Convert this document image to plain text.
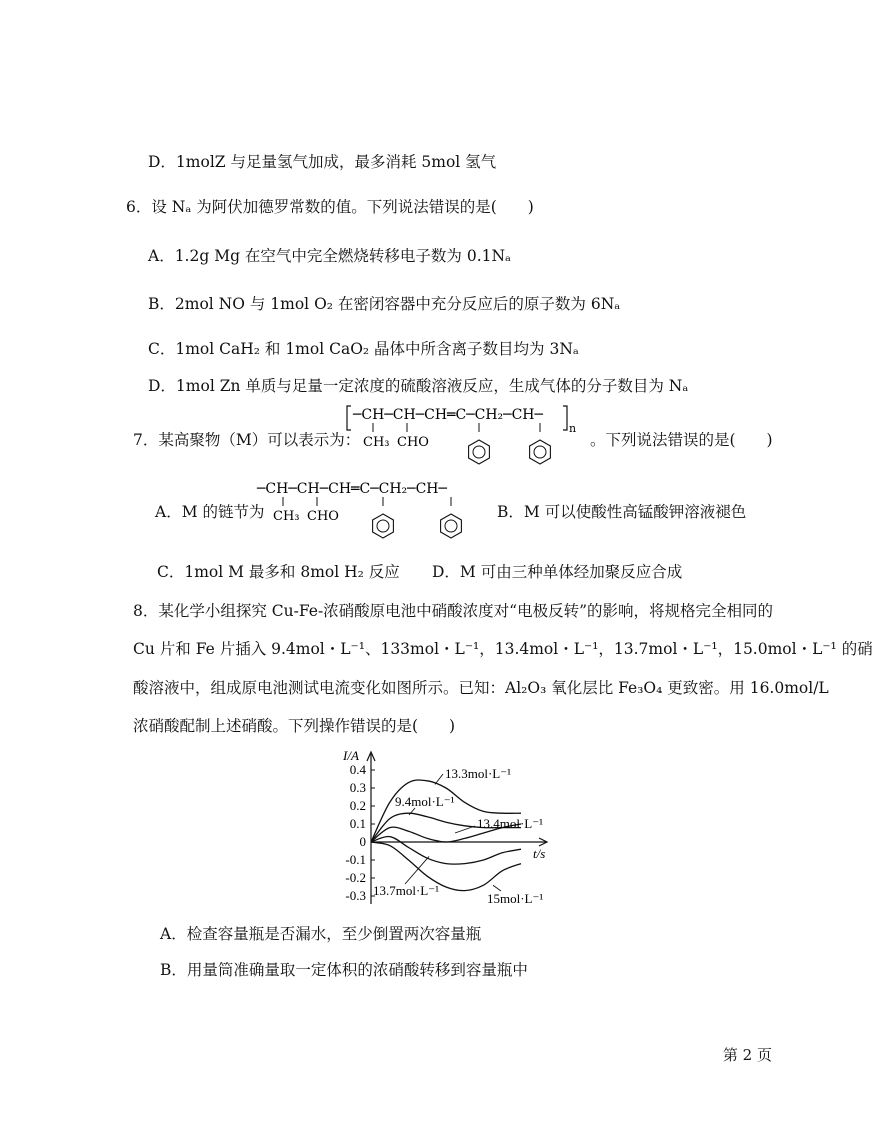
D．1molZ 与足量氢气加成，最多消耗 5mol 氢气
6．设 Nₐ 为阿伏加德罗常数的值。下列说法错误的是(　　)
A．1.2g Mg 在空气中完全燃烧转移电子数为 0.1Nₐ
B．2mol NO 与 1mol O₂ 在密闭容器中充分反应后的原子数为 6Nₐ
C．1mol CaH₂ 和 1mol CaO₂ 晶体中所含离子数目均为 3Nₐ
D．1mol Zn 单质与足量一定浓度的硫酸溶液反应，生成气体的分子数目为 Nₐ
7．某高聚物（M）可以表示为：
─CH─CH─CH═C─CH₂─CH─
n
CH₃ CHO	。下列说法错误的是(　　)
A．M 的链节为
─CH─CH─CH═C─CH₂─CH─
CH₃ CHO	B．M 可以使酸性高锰酸钾溶液褪色
C．1mol M 最多和 8mol H₂ 反应 D．M 可由三种单体经加聚反应合成
8．某化学小组探究 Cu-Fe-浓硝酸原电池中硝酸浓度对“电极反转”的影响，将规格完全相同的
Cu 片和 Fe 片插入 9.4mol・L⁻¹、133mol・L⁻¹，13.4mol・L⁻¹，13.7mol・L⁻¹，15.0mol・L⁻¹ 的硝
酸溶液中，组成原电池测试电流变化如图所示。已知：Al₂O₃ 氧化层比 Fe₃O₄ 更致密。用 16.0mol/L
浓硝酸配制上述硝酸。下列操作错误的是(　　)
I/A
t/s
0.4
0.3
0.2
0.1
0
-0.1
-0.2
-0.3
13.3mol·L⁻¹
9.4mol·L⁻¹
13.4mol·L⁻¹
13.7mol·L⁻¹
15mol·L⁻¹
A．检查容量瓶是否漏水，至少倒置两次容量瓶
B．用量筒准确量取一定体积的浓硝酸转移到容量瓶中
第 2 页
